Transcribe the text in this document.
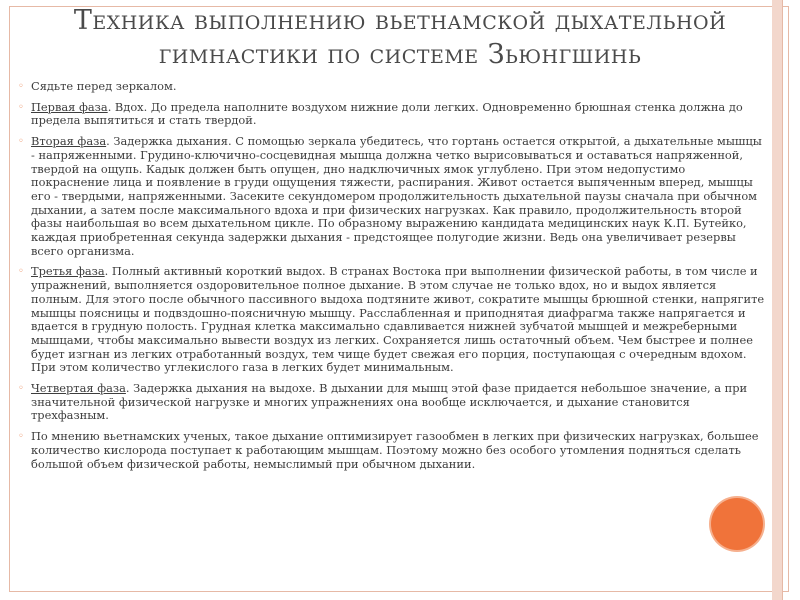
Техника выполнению вьетнамской дыхательной
гимнастики по системе Зьюнгшинь

◦ Сядьте перед зеркалом.

◦ Первая фаза. Вдох. До предела наполните воздухом нижние доли легких. Одновременно брюшная стенка должна до предела выпятиться и стать твердой.

◦ Вторая фаза. Задержка дыхания. С помощью зеркала убедитесь, что гортань остается открытой, а дыхательные мышцы - напряженными. Грудино-ключично-сосцевидная мышца должна четко вырисовываться и оставаться напряженной, твердой на ощупь. Кадык должен быть опущен, дно надключичных ямок углублено. При этом недопустимо покраснение лица и появление в груди ощущения тяжести, распирания. Живот остается выпяченным вперед, мышцы его - твердыми, напряженными. Засеките секундомером продолжительность дыхательной паузы сначала при обычном дыхании, а затем после максимального вдоха и при физических нагрузках. Как правило, продолжительность второй фазы наибольшая во всем дыхательном цикле. По образному выражению кандидата медицинских наук К.П. Бутейко, каждая приобретенная секунда задержки дыхания - предстоящее полугодие жизни. Ведь она увеличивает резервы всего организма.

◦ Третья фаза. Полный активный короткий выдох. В странах Востока при выполнении физической работы, в том числе и упражнений, выполняется оздоровительное полное дыхание. В этом случае не только вдох, но и выдох является полным. Для этого после обычного пассивного выдоха подтяните живот, сократите мышцы брюшной стенки, напрягите мышцы поясницы и подвздошно-поясничную мышцу. Расслабленная и приподнятая диафрагма также напрягается и вдается в грудную полость. Грудная клетка максимально сдавливается нижней зубчатой мышцей и межреберными мышцами, чтобы максимально вывести воздух из легких. Сохраняется лишь остаточный объем. Чем быстрее и полнее будет изгнан из легких отработанный воздух, тем чище будет свежая его порция, поступающая с очередным вдохом. При этом количество углекислого газа в легких будет минимальным.

◦ Четвертая фаза. Задержка дыхания на выдохе. В дыхании для мышц этой фазе придается небольшое значение, а при значительной физической нагрузке и многих упражнениях она вообще исключается, и дыхание становится трехфазным.

◦ По мнению вьетнамских ученых, такое дыхание оптимизирует газообмен в легких при физических нагрузках, большее количество кислорода поступает к работающим мышцам. Поэтому можно без особого утомления подняться сделать большой объем физической работы, немыслимый при обычном дыхании.
